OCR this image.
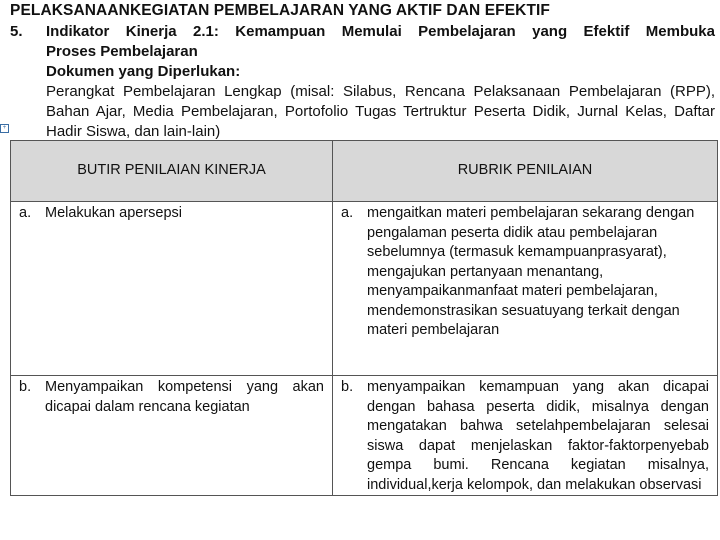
PELAKSANAANKEGIATAN PEMBELAJARAN YANG AKTIF DAN EFEKTIF
5. Indikator Kinerja 2.1: Kemampuan Memulai Pembelajaran yang Efektif Membuka
Proses Pembelajaran
Dokumen yang Diperlukan:
Perangkat Pembelajaran Lengkap (misal: Silabus, Rencana Pelaksanaan Pembelajaran (RPP), Bahan Ajar, Media Pembelajaran, Portofolio Tugas Tertruktur Peserta Didik, Jurnal Kelas, Daftar Hadir Siswa, dan lain-lain)
+
BUTIR PENILAIAN KINERJA	RUBRIK PENILAIAN

a. Melakukan apersepsi	a. mengaitkan materi pembelajaran sekarang dengan pengalaman peserta didik atau pembelajaran sebelumnya (termasuk kemampuanprasyarat), mengajukan pertanyaan menantang, menyampaikanmanfaat materi pembelajaran, mendemonstrasikan sesuatuyang terkait dengan materi pembelajaran

b. Menyampaikan kompetensi yang akan dicapai dalam rencana kegiatan	b. menyampaikan kemampuan yang akan dicapai dengan bahasa peserta didik, misalnya dengan mengatakan bahwa setelahpembelajaran selesai siswa dapat menjelaskan faktor-faktorpenyebab gempa bumi. Rencana kegiatan misalnya, individual,kerja kelompok, dan melakukan observasi
